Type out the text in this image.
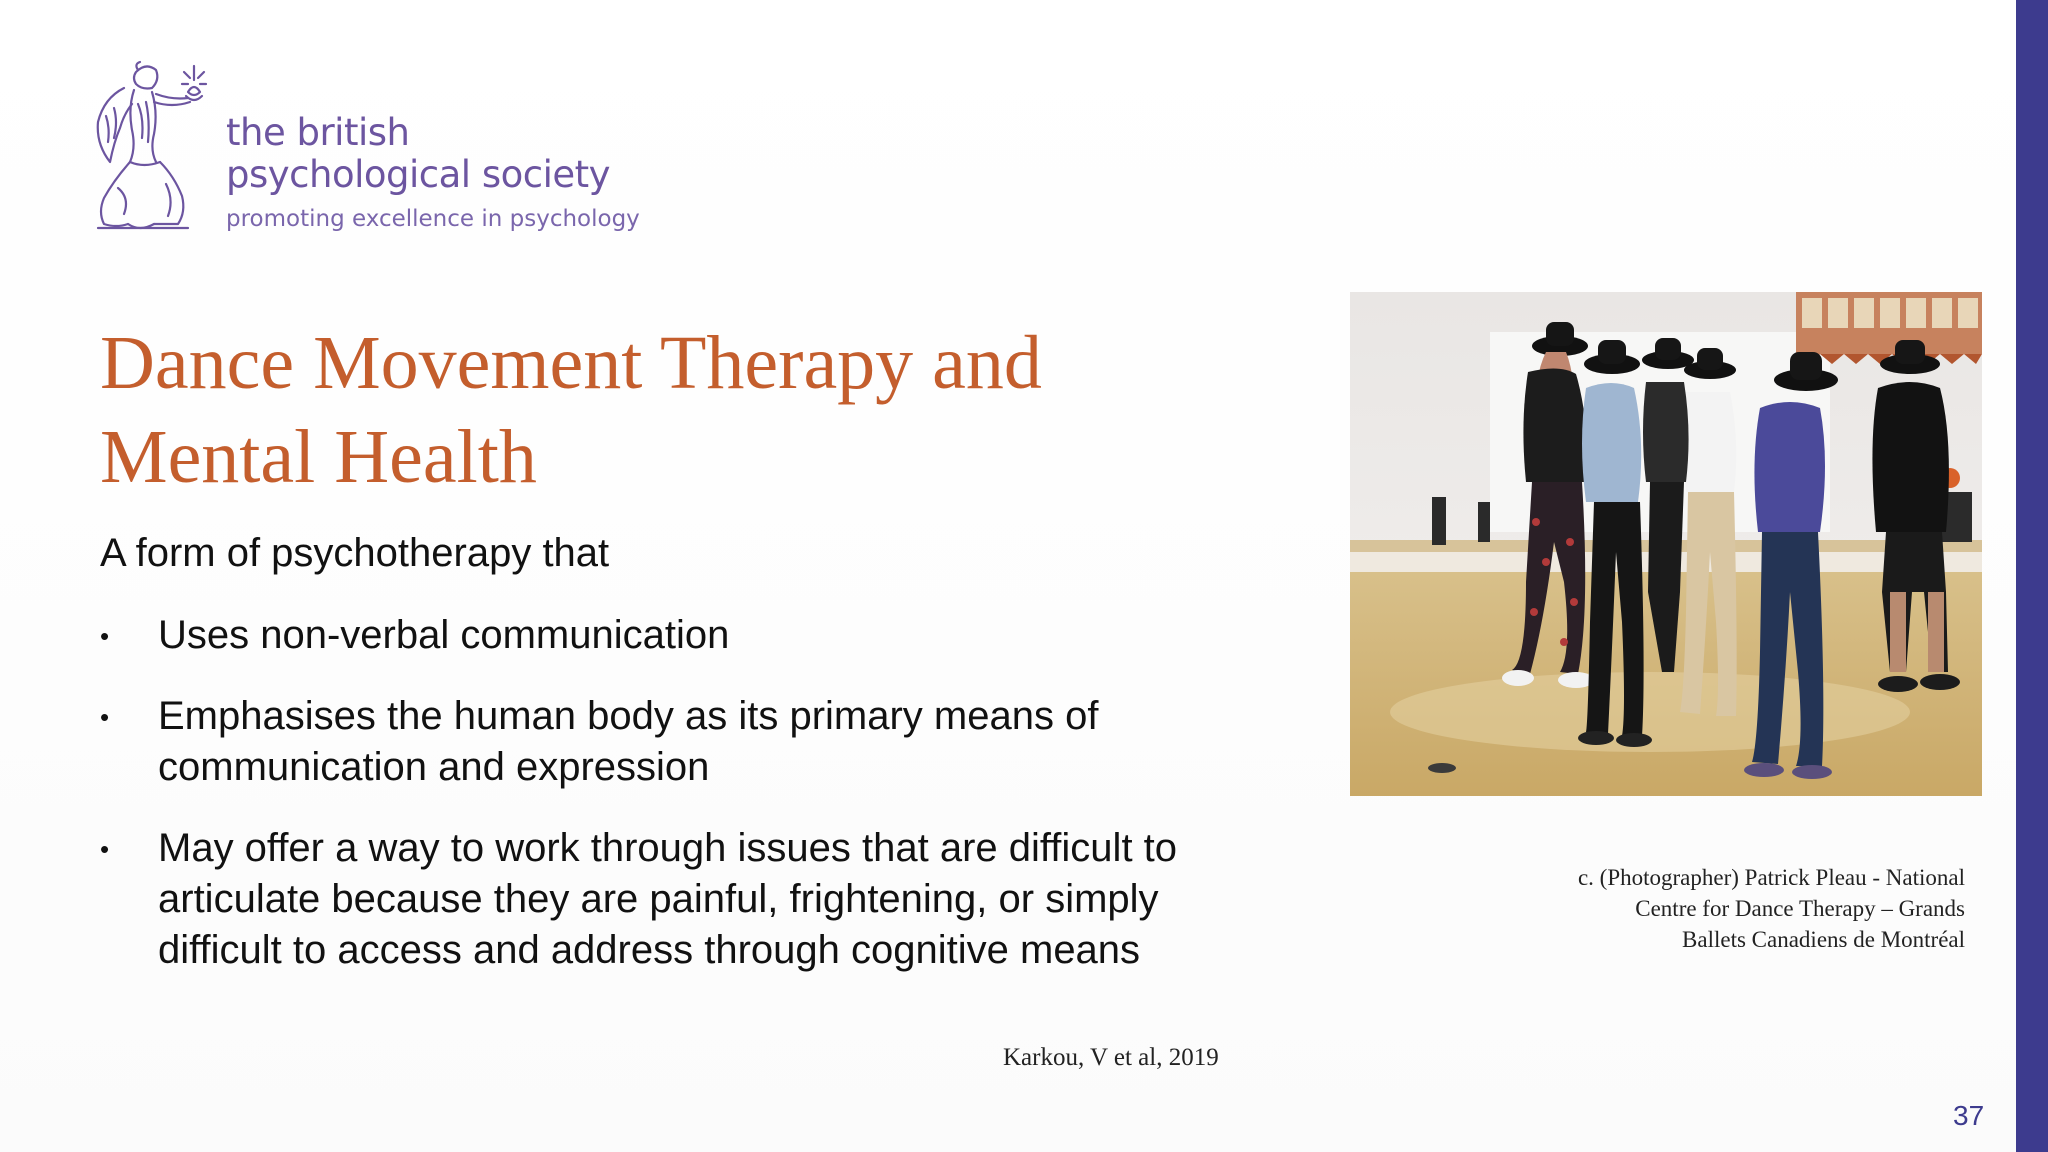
the british
psychological society
promoting excellence in psychology
Dance Movement Therapy and
Mental Health
A form of psychotherapy that
• Uses non-verbal communication
• Emphasises the human body as its primary means of
communication and expression
• May offer a way to work through issues that are difficult to
articulate because they are painful, frightening, or simply
difficult to access and address through cognitive means
Karkou, V et al, 2019
c. (Photographer) Patrick Pleau - National
Centre for Dance Therapy – Grands
Ballets Canadiens de Montréal
37
